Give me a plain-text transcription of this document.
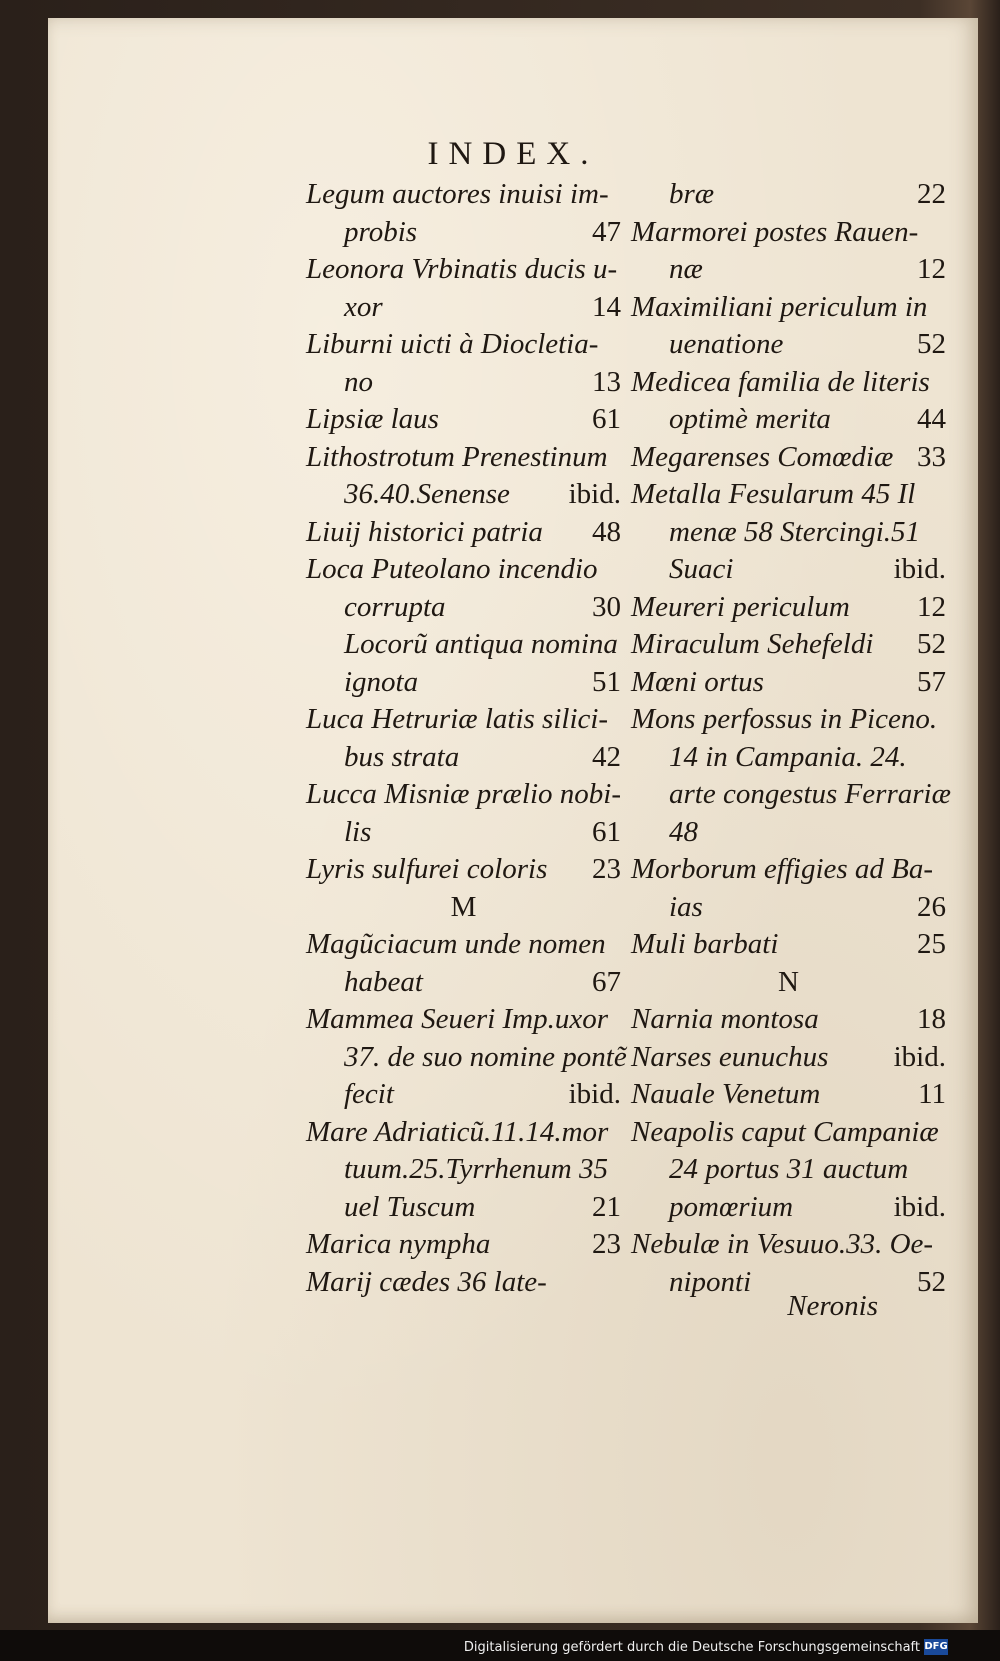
INDEX.
Legum auctores inuisi im-
probis	47
Leonora Vrbinatis ducis u-
xor	14
Liburni uicti à Diocletia-
no	13
Lipsiæ laus	61
Lithostrotum Prenestinum
36.40.Senense ibid.
Liuij historici patria 48
Loca Puteolano incendio
corrupta	30
Locorũ antiqua nomina
ignota	51
Luca Hetruriæ latis silici-
bus strata	42
Lucca Misniæ prælio nobi-
lis	61
Lyris sulfurei coloris 23
M
Magũciacum unde nomen
habeat	67
Mammea Seueri Imp.uxor
37. de suo nomine pontẽ
fecit	ibid.
Mare Adriaticũ.11.14.mor
tuum.25.Tyrrhenum 35
uel Tuscum	21
Marica nympha	23
Marij cædes 36 late-
bræ	22
Marmorei postes Rauen-
næ	12
Maximiliani periculum in
uenatione	52
Medicea familia de literis
optimè merita	44
Megarenses Comœdiæ 33
Metalla Fesularum 45 Il
menæ 58 Stercingi.51
Suaci	ibid.
Meureri periculum 12
Miraculum Sehefeldi 52
Mœni ortus	57
Mons perfossus in Piceno.
14 in Campania. 24.
arte congestus Ferrariæ
48
Morborum effigies ad Ba-
ias	26
Muli barbati	25
N
Narnia montosa	18
Narses eunuchus ibid.
Nauale Venetum	11
Neapolis caput Campaniæ
24 portus 31 auctum
pomœrium	ibid.
Nebulæ in Vesuuo.33. Oe-
niponti	52
Neronis
Digitalisierung gefördert durch die Deutsche Forschungsgemeinschaft DFG
